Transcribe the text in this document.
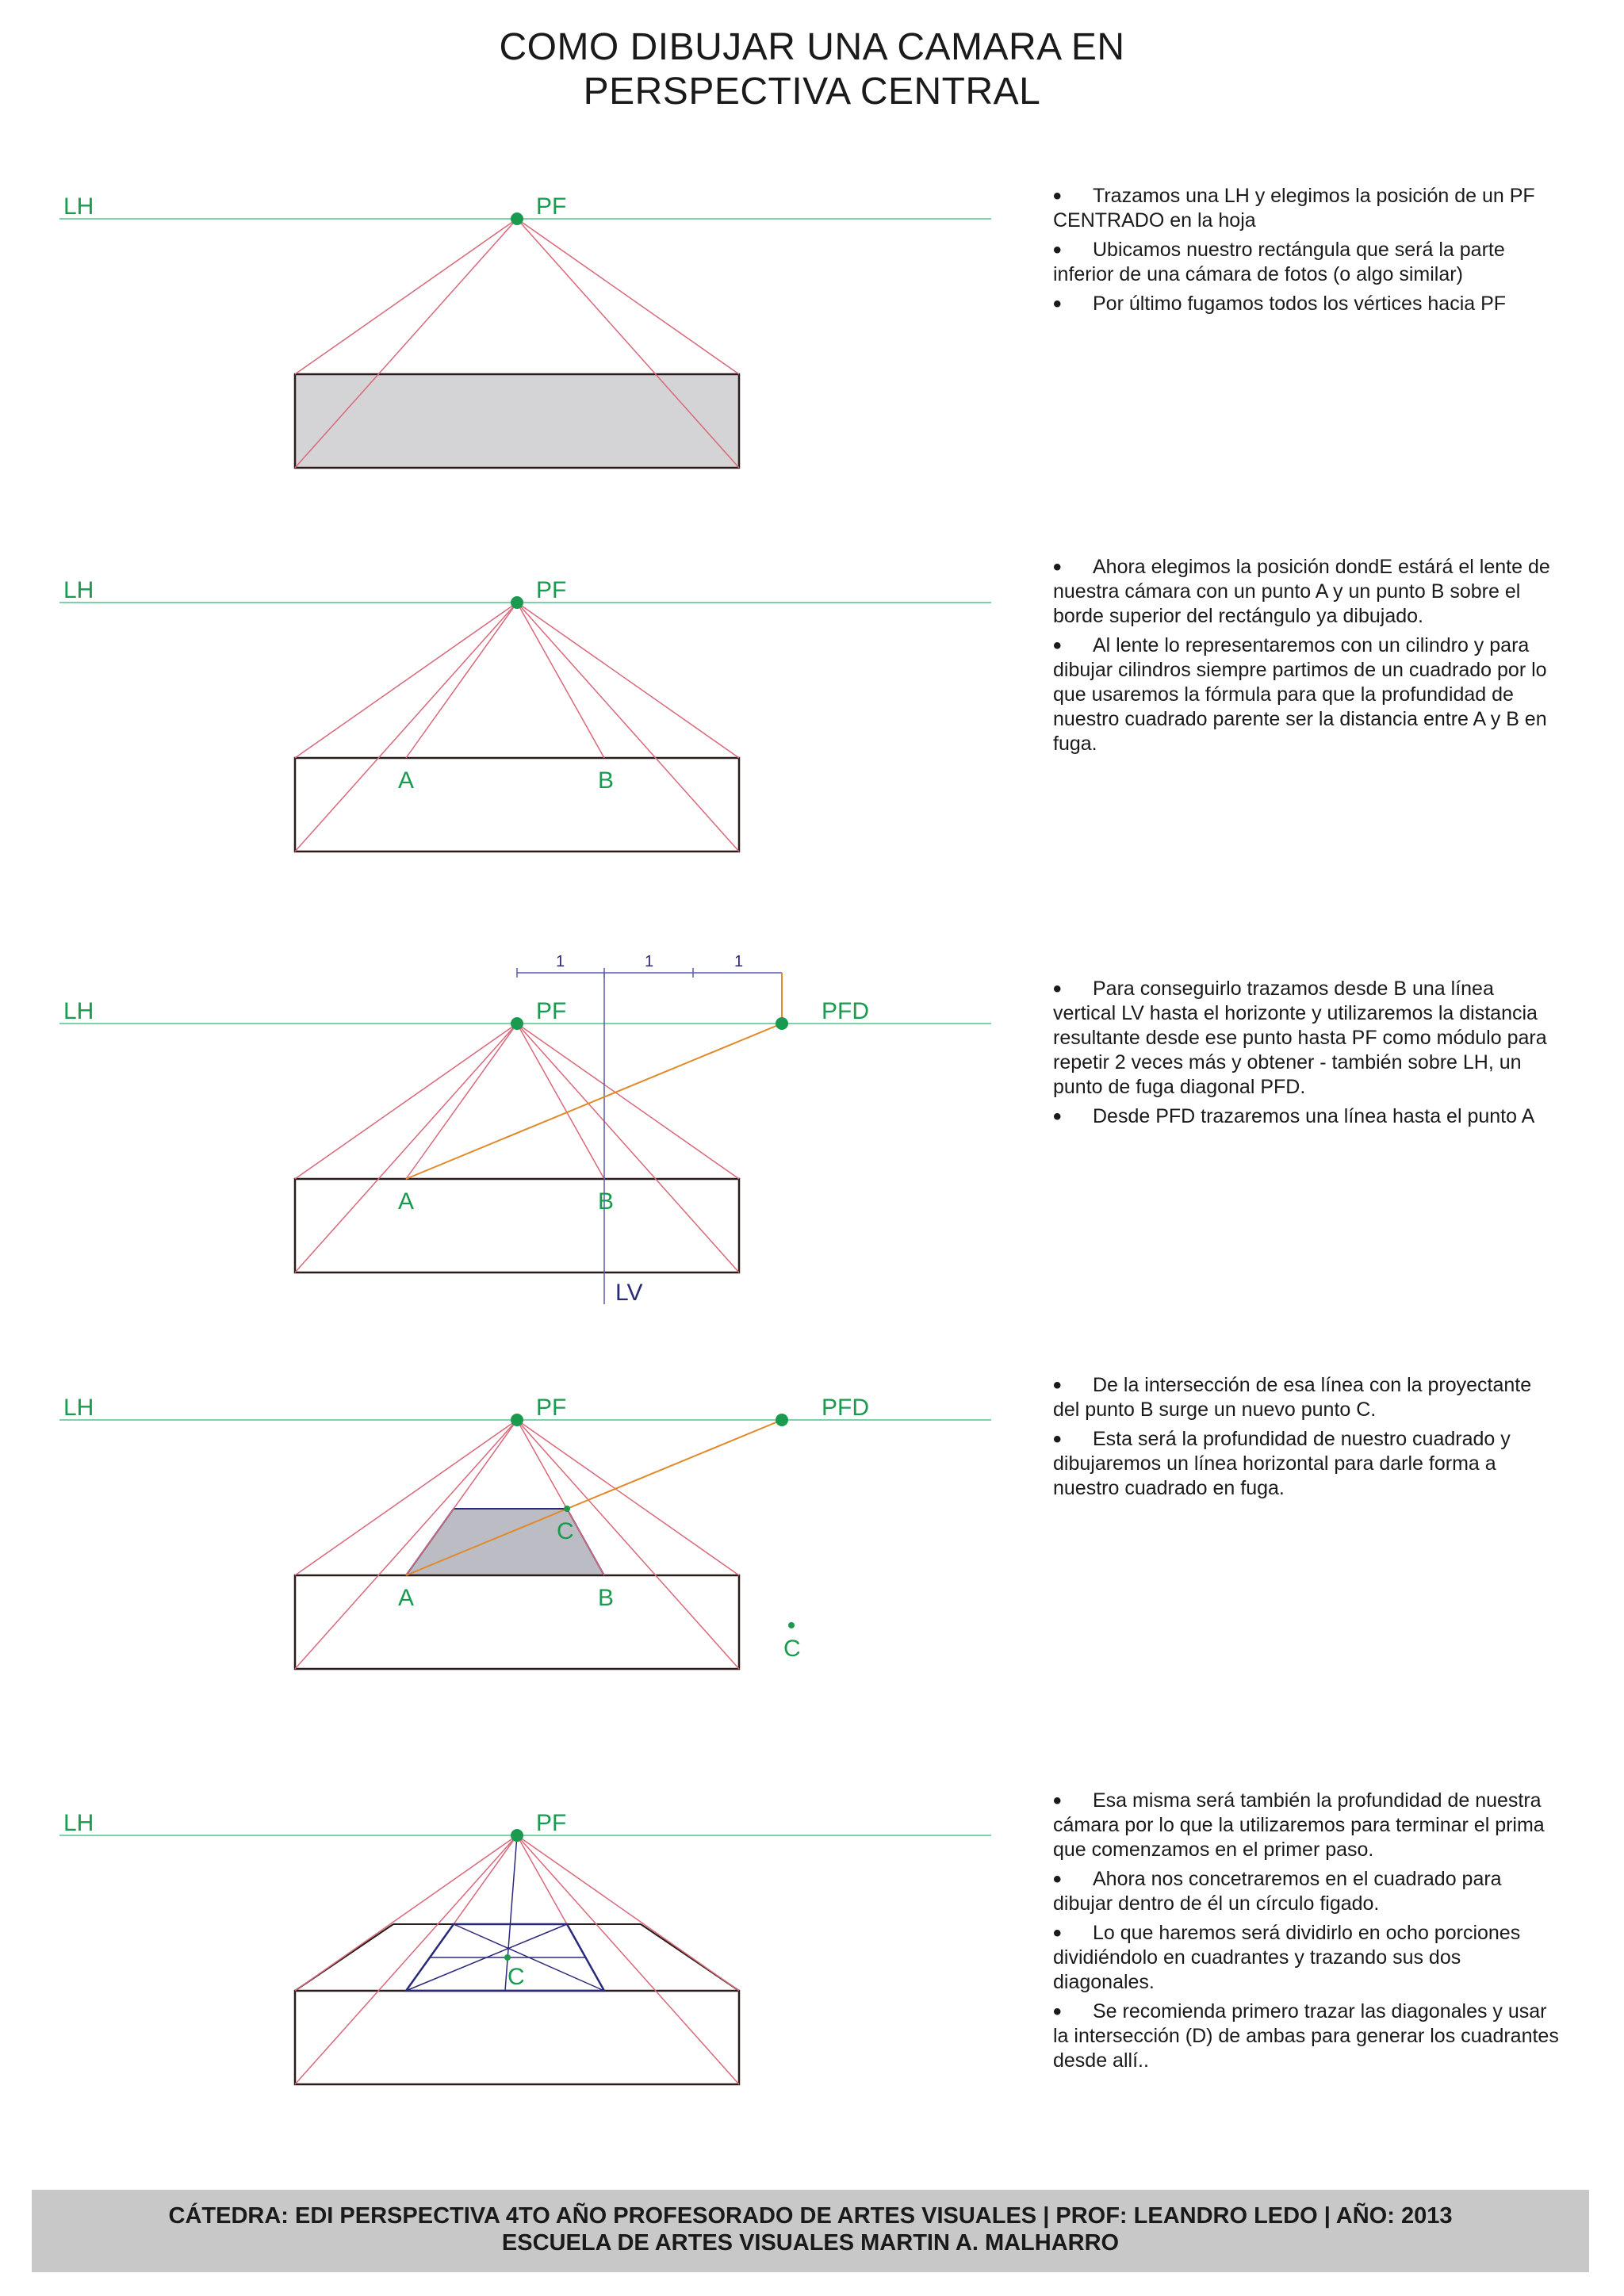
COMO DIBUJAR UNA CAMARA EN
PERSPECTIVA CENTRAL
LH	PF
•	Trazamos una LH y elegimos la posición de un PF CENTRADO en la hoja
• Ubicamos nuestro rectángula que será la parte inferior de una cámara de fotos (o algo similar)
• Por último fugamos todos los vértices hacia PF
LH	PF
A	B
• Ahora elegimos la posición dondE estárá el lente de nuestra cámara con un punto A y un punto B sobre el borde superior del rectángulo ya dibujado.
• Al lente lo representaremos con un cilindro y para dibujar cilindros siempre partimos de un cuadrado por lo que usaremos la fórmula para que la profundidad de nuestro cuadrado parente ser la distancia entre A y B en fuga.
1	1	1
LH	PF	PFD
A	B
LV
• Para conseguirlo trazamos desde B una línea vertical LV hasta el horizonte y utilizaremos la distancia resultante desde ese punto hasta PF como módulo para repetir 2 veces más y obtener - también sobre LH, un punto de fuga diagonal PFD.
• Desde PFD trazaremos una línea hasta el punto A
LH	PF	PFD
C
A	B
C
• De la intersección de esa línea con la proyectante del punto B surge un nuevo punto C.
• Esta será la profundidad de nuestro cuadrado y dibujaremos un línea horizontal para darle forma a nuestro cuadrado en fuga.
LH	PF
C
• Esa misma será también la profundidad de nuestra cámara por lo que la utilizaremos para terminar el prima que comenzamos en el primer paso.
• Ahora nos concetraremos en el cuadrado para dibujar dentro de él un círculo figado.
• Lo que haremos será dividirlo en ocho porciones dividiéndolo en cuadrantes y trazando sus dos diagonales.
• Se recomienda primero trazar las diagonales y usar la intersección (D) de ambas para generar los cuadrantes desde allí..
CÁTEDRA: EDI PERSPECTIVA 4TO AÑO PROFESORADO DE ARTES VISUALES | PROF: LEANDRO LEDO | AÑO: 2013
ESCUELA DE ARTES VISUALES MARTIN A. MALHARRO
